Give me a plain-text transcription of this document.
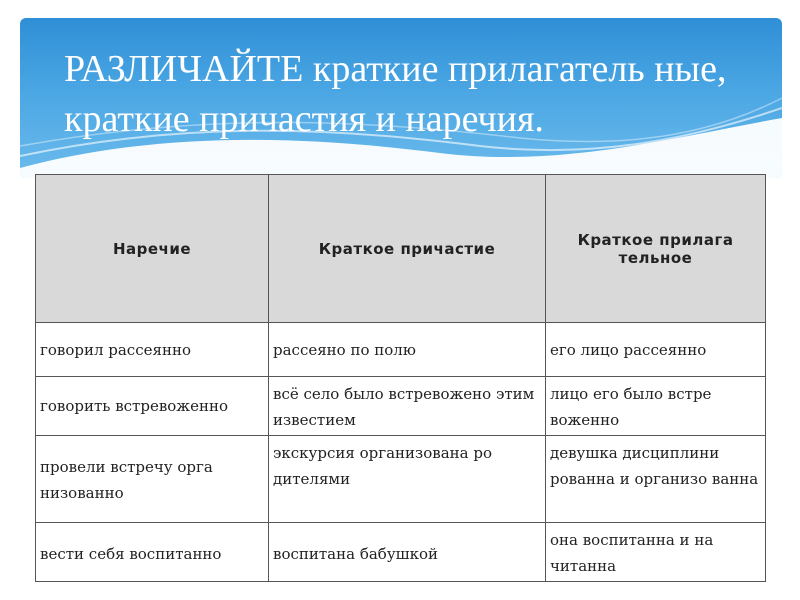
РАЗЛИЧАЙТЕ краткие прилагатель ные, краткие причастия и наречия.
Наречие	Краткое причастие	Краткое прилага тельное

говорил рассеянно	рассеяно по полю	его лицо рассеянно

говорить встревоженно	всё село было встревожено этим известием	лицо его было встре воженно

провели встречу орга низованно	экскурсия организована ро дителями	девушка дисциплини рованна и организо ванна

вести себя воспитанно	воспитана бабушкой	она воспитанна и на читанна
